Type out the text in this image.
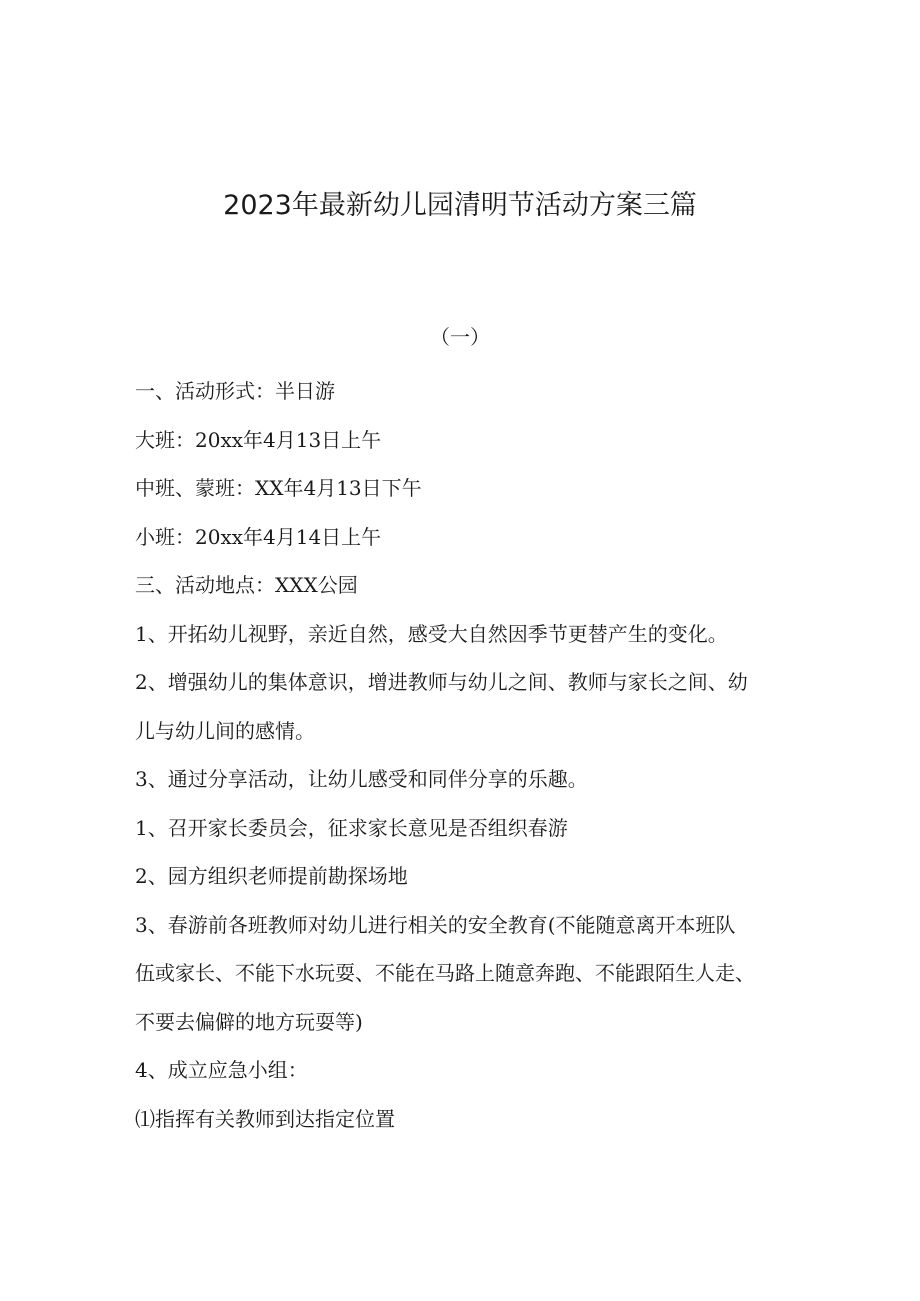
2023年最新幼儿园清明节活动方案三篇
（一）

一、活动形式：半日游

大班：20xx年4月13日上午

中班、蒙班：XX年4月13日下午

小班：20xx年4月14日上午

三、活动地点：XXX公园

1、开拓幼儿视野，亲近自然，感受大自然因季节更替产生的变化。

2、增强幼儿的集体意识，增进教师与幼儿之间、教师与家长之间、幼

儿与幼儿间的感情。

3、通过分享活动，让幼儿感受和同伴分享的乐趣。

1、召开家长委员会，征求家长意见是否组织春游

2、园方组织老师提前勘探场地

3、春游前各班教师对幼儿进行相关的安全教育(不能随意离开本班队

伍或家长、不能下水玩耍、不能在马路上随意奔跑、不能跟陌生人走、

不要去偏僻的地方玩耍等)

4、成立应急小组：

⑴指挥有关教师到达指定位置
